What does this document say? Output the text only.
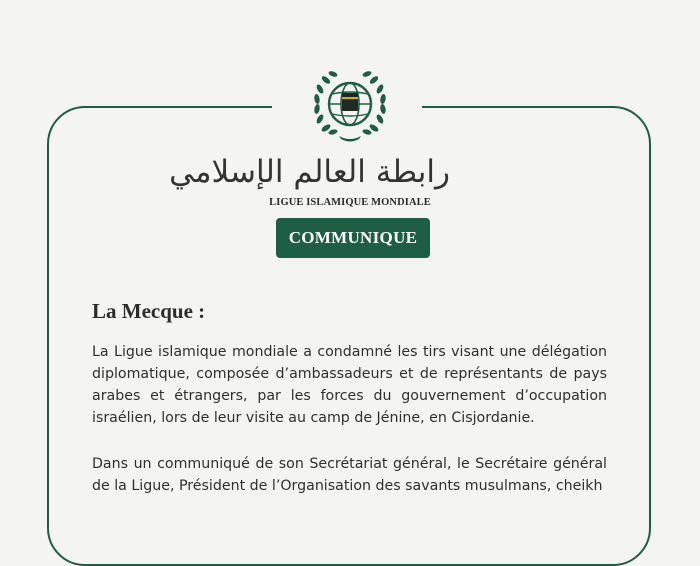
رابطة العالم الإسلامي
LIGUE ISLAMIQUE MONDIALE
COMMUNIQUE
La Mecque :

La Ligue islamique mondiale a condamné les tirs visant une délégation diplomatique, composée d’ambassadeurs et de représentants de pays arabes et étrangers, par les forces du gouvernement d’occupation israélien, lors de leur visite au camp de Jénine, en Cisjordanie.

Dans un communiqué de son Secrétariat général, le Secrétaire général de la Ligue, Président de l’Organisation des savants musulmans, cheikh
